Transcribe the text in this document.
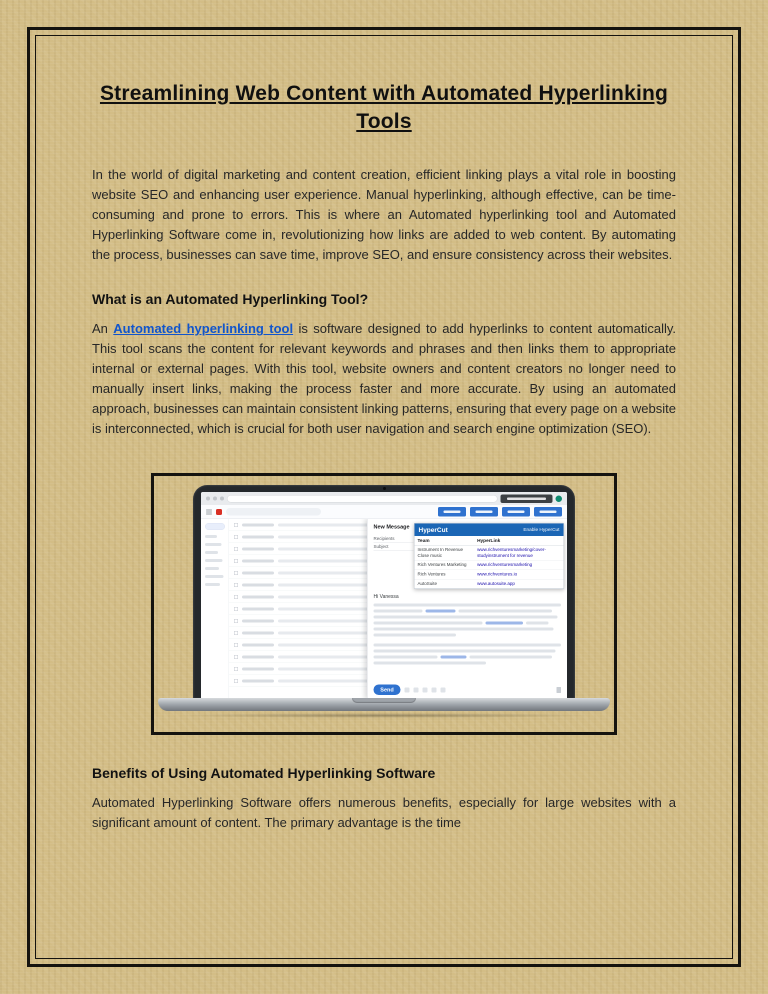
Streamlining Web Content with Automated Hyperlinking Tools

In the world of digital marketing and content creation, efficient linking plays a vital role in boosting website SEO and enhancing user experience. Manual hyperlinking, although effective, can be time-consuming and prone to errors. This is where an Automated hyperlinking tool and Automated Hyperlinking Software come in, revolutionizing how links are added to web content. By automating the process, businesses can save time, improve SEO, and ensure consistency across their websites.

What is an Automated Hyperlinking Tool?

An Automated hyperlinking tool is software designed to add hyperlinks to content automatically. This tool scans the content for relevant keywords and phrases and then links them to appropriate internal or external pages. With this tool, website owners and content creators no longer need to manually insert links, making the process faster and more accurate. By using an automated approach, businesses can maintain consistent linking patterns, ensuring that every page on a website is interconnected, which is crucial for both user navigation and search engine optimization (SEO).

HyperCut	Enable HyperCut
Team	HyperLink
Instrument In Revenue Close music	www.richventuresmarketing/cover-studyinstrument for revenue
Rich Ventures Marketing	www.richventuresmarketing
Rich Ventures	www.richventures.io
AutoSuite	www.autosuite.app
New Message
Recipients
Subject
Hi Vanessa
Send
Benefits of Using Automated Hyperlinking Software

Automated Hyperlinking Software offers numerous benefits, especially for large websites with a significant amount of content. The primary advantage is the time
